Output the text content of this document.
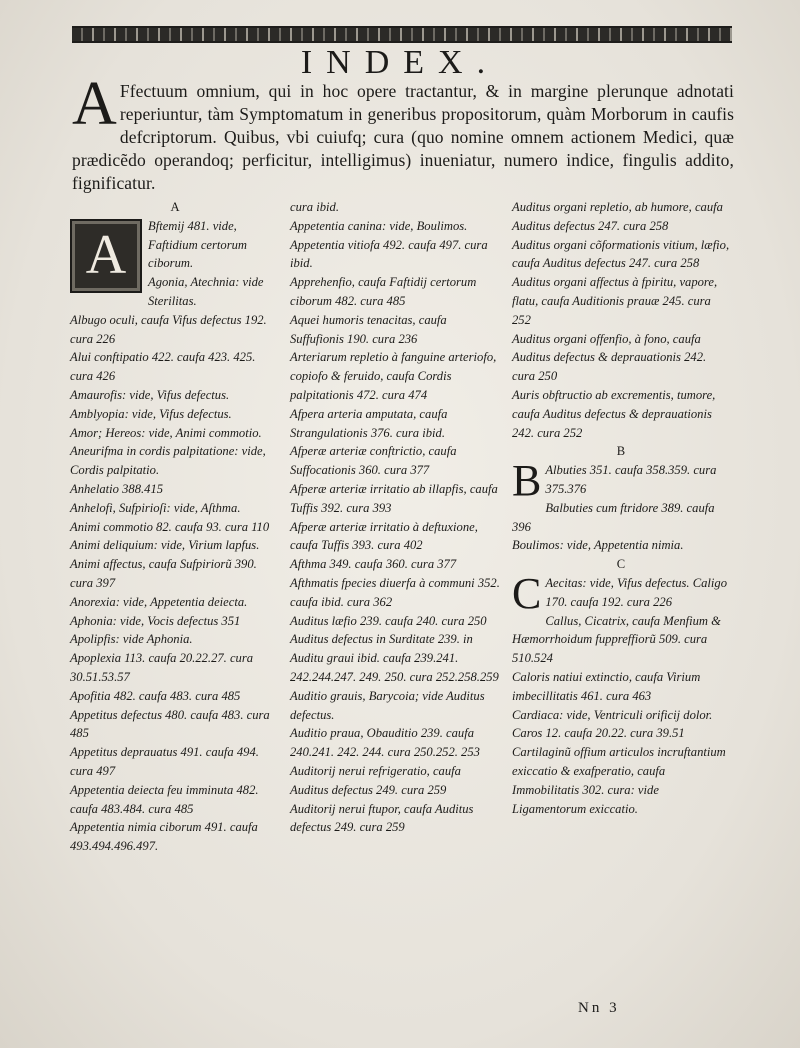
INDEX.
A Ffectuum omnium, qui in hoc opere tractantur, & in margine plerunque adnotati reperiuntur, tàm Symptomatum in generibus propositorum, quàm Morborum in caufis defcriptorum. Quibus, vbi cuiufq; cura (quo nomine omnem actionem Medici, quæ prædicẽdo operandoq; perficitur, intelligimus) inueniatur, numero indice, fingulis addito, fignificatur.
A
A	Bftemij 481. vide, Faftidium certorum ciborum.

Agonia, Atechnia: vide Sterilitas.

Albugo oculi, caufa Vifus defectus 192. cura 226

Alui conftipatio 422. caufa 423. 425. cura 426

Amaurofis: vide, Vifus defectus.

Amblyopia: vide, Vifus defectus.

Amor; Hereos: vide, Animi commotio.

Aneurifma in cordis palpitatione: vide, Cordis palpitatio.

Anhelatio 388.415

Anhelofi, Sufpirioſi: vide, Aſthma.

Animi commotio 82. caufa 93. cura 110

Animi deliquium: vide, Virium lapfus.

Animi affectus, caufa Sufpiriorũ 390. cura 397

Anorexia: vide, Appetentia deiecta.

Aphonia: vide, Vocis defectus 351

Apolipfis: vide Aphonia.

Apoplexia 113. caufa 20.22.27. cura 30.51.53.57

Apofitia 482. caufa 483. cura 485

Appetitus defectus 480. caufa 483. cura 485

Appetitus deprauatus 491. caufa 494. cura 497

Appetentia deiecta feu imminuta 482. caufa 483.484. cura 485

Appetentia nimia ciborum 491. caufa 493.494.496.497.

cura ibid.

Appetentia canina: vide, Boulimos.

Appetentia vitiofa 492. caufa 497. cura ibid.

Apprehenfio, caufa Faftidij certorum ciborum 482. cura 485

Aquei humoris tenacitas, caufa Suffufionis 190. cura 236

Arteriarum repletio à fanguine arteriofo, copiofo & feruido, caufa Cordis palpitationis 472. cura 474

Afpera arteria amputata, caufa Strangulationis 376. cura ibid.

Afperæ arteriæ conftrictio, caufa Suffocationis 360. cura 377

Afperæ arteriæ irritatio ab illapfis, caufa Tuffis 392. cura 393

Afperæ arteriæ irritatio à deftuxione, caufa Tuffis 393. cura 402

Afthma 349. caufa 360. cura 377

Afthmatis fpecies diuerfa à communi 352. caufa ibid. cura 362

Auditus læfio 239. caufa 240. cura 250

Auditus defectus in Surditate 239. in Auditu graui ibid. caufa 239.241. 242.244.247. 249. 250. cura 252.258.259

Auditio grauis, Barycoia; vide Auditus defectus.

Auditio praua, Obauditio 239. caufa 240.241. 242. 244. cura 250.252. 253

Auditorij nerui refrigeratio, caufa Auditus defectus 249. cura 259

Auditorij nerui ftupor, caufa Auditus defectus 249. cura 259

Auditus organi repletio, ab humore, caufa Auditus defectus 247. cura 258

Auditus organi cõformationis vitium, læfio, caufa Auditus defectus 247. cura 258

Auditus organi affectus à fpiritu, vapore, flatu, caufa Auditionis prauæ 245. cura 252

Auditus organi offenfio, à fono, caufa Auditus defectus & deprauationis 242. cura 250

Auris obftructio ab excrementis, tumore, caufa Auditus defectus & deprauationis 242. cura 252

B
B Albuties 351. caufa 358.359. cura 375.376

Balbuties cum ftridore 389. caufa 396

Boulimos: vide, Appetentia nimia.

C
C Aecitas: vide, Vifus defectus. Caligo 170. caufa 192. cura 226

Callus, Cicatrix, caufa Menfium & Hæmorrhoidum fuppreffiorũ 509. cura 510.524

Caloris natiui extinctio, caufa Virium imbecillitatis 461. cura 463

Cardiaca: vide, Ventriculi orificij dolor.

Caros 12. caufa 20.22. cura 39.51

Cartilaginũ offium articulos incruftantium exiccatio & exafperatio, caufa Immobilitatis 302. cura: vide Ligamentorum exiccatio.

Nn 3
